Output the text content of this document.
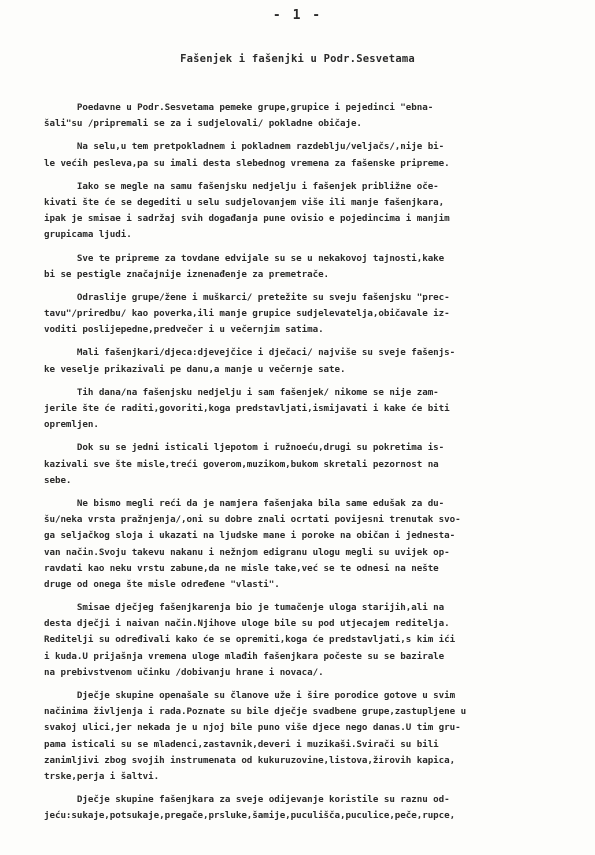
- 1 -
Fašenjek i fašenjki u Podr.Sesvetama
Poedavne u Podr.Sesvetama pemeke grupe,grupice i pejedinci "ebna-
šali"su /pripremali se za i sudjelovali/ pokladne običaje.
Na selu,u tem pretpokladnem i pokladnem razdeblju/veljačs/,nije bi-
le većih pesleva,pa su imali desta slebednog vremena za fašenske pripreme.
Iako se megle na samu fašenjsku nedjelju i fašenjek približne oče-
kivati šte će se degediti u selu sudjelovanjem više ili manje fašenjkara,
ipak je smisae i sadržaj svih događanja pune ovisio e pojedincima i manjim
grupicama ljudi.
Sve te pripreme za tovdane edvijale su se u nekakovoj tajnosti,kake
bi se pestigle značajnije iznenađenje za premetrače.
Odraslije grupe/žene i muškarci/ pretežite su sveju fašenjsku "prec-
tavu"/priredbu/ kao poverka,ili manje grupice sudjelevatelja,običavale iz-
voditi poslijepedne,predvečer i u večernjim satima.
Mali fašenjkari/djeca:djevejčice i dječaci/ najviše su sveje fašenjs-
ke veselje prikazivali pe danu,a manje u večernje sate.
Tih dana/na fašenjsku nedjelju i sam fašenjek/ nikome se nije zam-
jerile šte će raditi,govoriti,koga predstavljati,ismijavati i kake će biti
opremljen.
Dok su se jedni isticali ljepotom i ružnoeću,drugi su pokretima is-
kazivali sve šte misle,treći goverom,muzikom,bukom skretali pezornost na
sebe.
Ne bismo megli reći da je namjera fašenjaka bila same edušak za du-
šu/neka vrsta pražnjenja/,oni su dobre znali ocrtati povijesni trenutak svo-
ga seljačkog sloja i ukazati na ljudske mane i poroke na običan i jednesta-
van način.Svoju takevu nakanu i nežnjom edigranu ulogu megli su uvijek op-
ravdati kao neku vrstu zabune,da ne misle take,već se te odnesi na nešte
druge od onega šte misle određene "vlasti".
Smisae dječjeg fašenjkarenja bio je tumačenje uloga starijih,ali na
desta dječji i naivan način.Njihove uloge bile su pod utjecajem reditelja.
Reditelji su određivali kako će se opremiti,koga će predstavljati,s kim ići
i kuda.U prijašnja vremena uloge mlađih fašenjkara počeste su se bazirale
na prebivstvenom učinku /dobivanju hrane i novaca/.
Dječje skupine openašale su članove uže i šire porodice gotove u svim
načinima življenja i rada.Poznate su bile dječje svadbene grupe,zastupljene u
svakoj ulici,jer nekada je u njoj bile puno više djece nego danas.U tim gru-
pama isticali su se mladenci,zastavnik,deveri i muzikaši.Svirači su bili
zanimljivi zbog svojih instrumenata od kukuruzovine,listova,žirovih kapica,
trske,perja i šaltvi.
Dječje skupine fašenjkara za sveje odijevanje koristile su raznu od-
jeću:sukaje,potsukaje,pregače,prsluke,šamije,puculišča,puculice,peče,rupce,
